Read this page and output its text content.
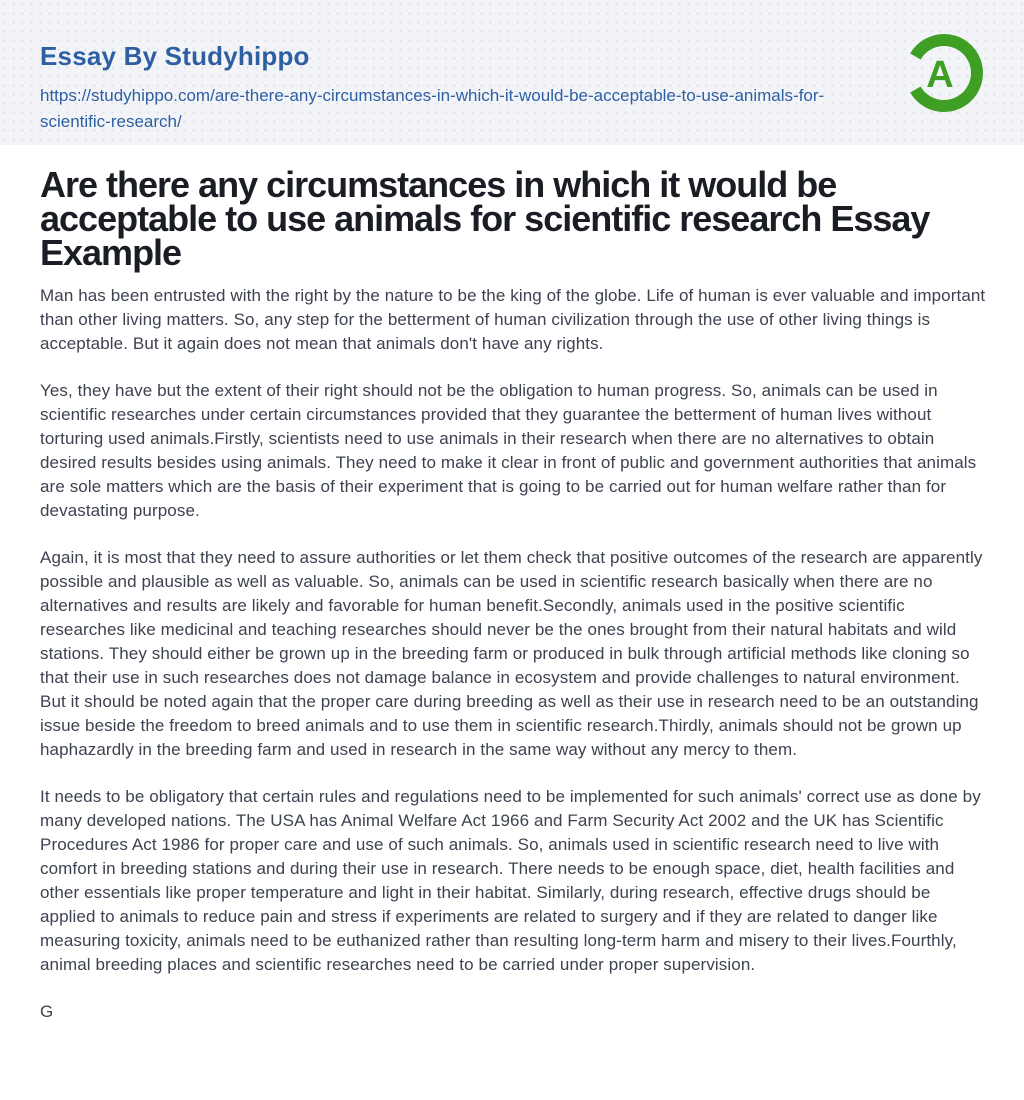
Essay By Studyhippo
https://studyhippo.com/are-there-any-circumstances-in-which-it-would-be-acceptable-to-use-animals-for-scientific-research/
A
Are there any circumstances in which it would be acceptable to use animals for scientific research Essay Example

Man has been entrusted with the right by the nature to be the king of the globe. Life of human is ever valuable and important than other living matters. So, any step for the betterment of human civilization through the use of other living things is acceptable. But it again does not mean that animals don't have any rights.

Yes, they have but the extent of their right should not be the obligation to human progress. So, animals can be used in scientific researches under certain circumstances provided that they guarantee the betterment of human lives without torturing used animals.Firstly, scientists need to use animals in their research when there are no alternatives to obtain desired results besides using animals. They need to make it clear in front of public and government authorities that animals are sole matters which are the basis of their experiment that is going to be carried out for human welfare rather than for devastating purpose.

Again, it is most that they need to assure authorities or let them check that positive outcomes of the research are apparently possible and plausible as well as valuable. So, animals can be used in scientific research basically when there are no alternatives and results are likely and favorable for human benefit.Secondly, animals used in the positive scientific researches like medicinal and teaching researches should never be the ones brought from their natural habitats and wild stations. They should either be grown up in the breeding farm or produced in bulk through artificial methods like cloning so that their use in such researches does not damage balance in ecosystem and provide challenges to natural environment. But it should be noted again that the proper care during breeding as well as their use in research need to be an outstanding issue beside the freedom to breed animals and to use them in scientific research.Thirdly, animals should not be grown up haphazardly in the breeding farm and used in research in the same way without any mercy to them.

It needs to be obligatory that certain rules and regulations need to be implemented for such animals' correct use as done by many developed nations. The USA has Animal Welfare Act 1966 and Farm Security Act 2002 and the UK has Scientific Procedures Act 1986 for proper care and use of such animals. So, animals used in scientific research need to live with comfort in breeding stations and during their use in research. There needs to be enough space, diet, health facilities and other essentials like proper temperature and light in their habitat. Similarly, during research, effective drugs should be applied to animals to reduce pain and stress if experiments are related to surgery and if they are related to danger like measuring toxicity, animals need to be euthanized rather than resulting long-term harm and misery to their lives.Fourthly, animal breeding places and scientific researches need to be carried under proper supervision.

G
